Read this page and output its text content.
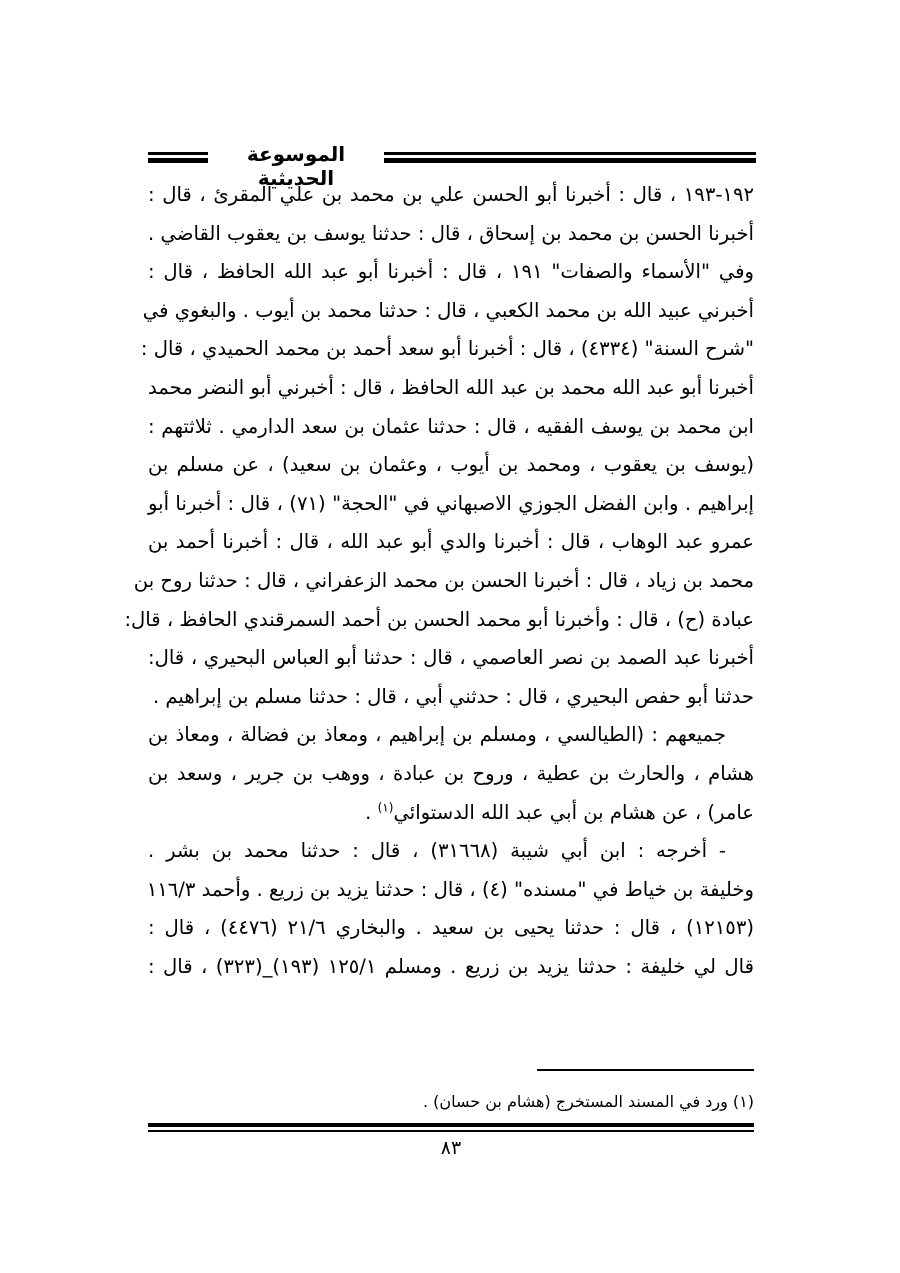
الموسوعة الحديثية

١٩٢-١٩٣ ، قال : أخبرنا أبو الحسن علي بن محمد بن علي المقرئ ، قال :
أخبرنا الحسن بن محمد بن إسحاق ، قال : حدثنا يوسف بن يعقوب القاضي .
وفي "الأسماء والصفات" ١٩١ ، قال : أخبرنا أبو عبد الله الحافظ ، قال :
أخبرني عبيد الله بن محمد الكعبي ، قال : حدثنا محمد بن أيوب . والبغوي في
"شرح السنة" (٤٣٣٤) ، قال : أخبرنا أبو سعد أحمد بن محمد الحميدي ، قال :
أخبرنا أبو عبد الله محمد بن عبد الله الحافظ ، قال : أخبرني أبو النضر محمد
ابن محمد بن يوسف الفقيه ، قال : حدثنا عثمان بن سعد الدارمي . ثلاثتهم :
(يوسف بن يعقوب ، ومحمد بن أيوب ، وعثمان بن سعيد) ، عن مسلم بن
إبراهيم . وابن الفضل الجوزي الاصبهاني في "الحجة" (٧١) ، قال : أخبرنا أبو
عمرو عبد الوهاب ، قال : أخبرنا والدي أبو عبد الله ، قال : أخبرنا أحمد بن
محمد بن زياد ، قال : أخبرنا الحسن بن محمد الزعفراني ، قال : حدثنا روح بن
عبادة (ح) ، قال : وأخبرنا أبو محمد الحسن بن أحمد السمرقندي الحافظ ، قال:
أخبرنا عبد الصمد بن نصر العاصمي ، قال : حدثنا أبو العباس البحيري ، قال:
حدثنا أبو حفص البحيري ، قال : حدثني أبي ، قال : حدثنا مسلم بن إبراهيم .

جميعهم : (الطيالسي ، ومسلم بن إبراهيم ، ومعاذ بن فضالة ، ومعاذ بن
هشام ، والحارث بن عطية ، وروح بن عبادة ، ووهب بن جرير ، وسعد بن
عامر) ، عن هشام بن أبي عبد الله الدستوائي$^{(١)}$ .

- أخرجه : ابن أبي شيبة (٣١٦٦٨) ، قال : حدثنا محمد بن بشر .
وخليفة بن خياط في "مسنده" (٤) ، قال : حدثنا يزيد بن زريع . وأحمد ١١٦/٣
(١٢١٥٣) ، قال : حدثنا يحيى بن سعيد . والبخاري ٢١/٦ (٤٤٧٦) ، قال :
قال لي خليفة : حدثنا يزيد بن زريع . ومسلم ١٢٥/١ (١٩٣)_(٣٢٣) ، قال :

(١) ورد في المسند المستخرج (هشام بن حسان) .
٨٣
